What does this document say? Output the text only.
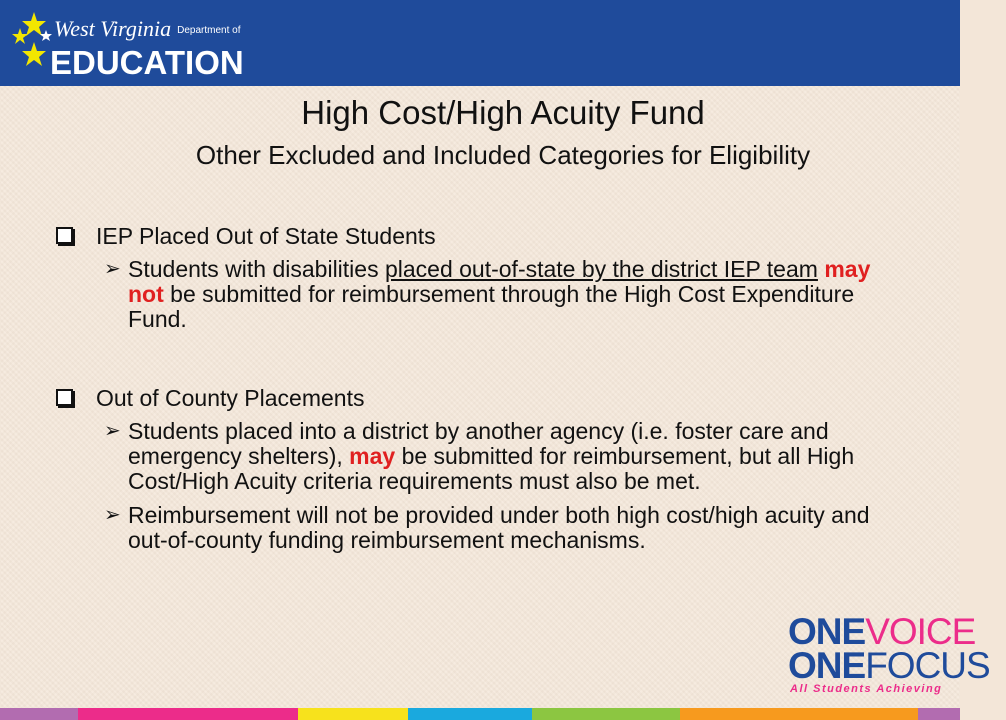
West Virginia Department of
EDUCATION
High Cost/High Acuity Fund
Other Excluded and Included Categories for Eligibility
IEP Placed Out of State Students
➢ Students with disabilities placed out-of-state by the district IEP team may not be submitted for reimbursement through the High Cost Expenditure Fund.
Out of County Placements
➢ Students placed into a district by another agency (i.e. foster care and emergency shelters), may be submitted for reimbursement, but all High Cost/High Acuity criteria requirements must also be met.
➢ Reimbursement will not be provided under both high cost/high acuity and out-of-county funding reimbursement mechanisms.
ONEVOICE
ONEFOCUS
All Students Achieving
